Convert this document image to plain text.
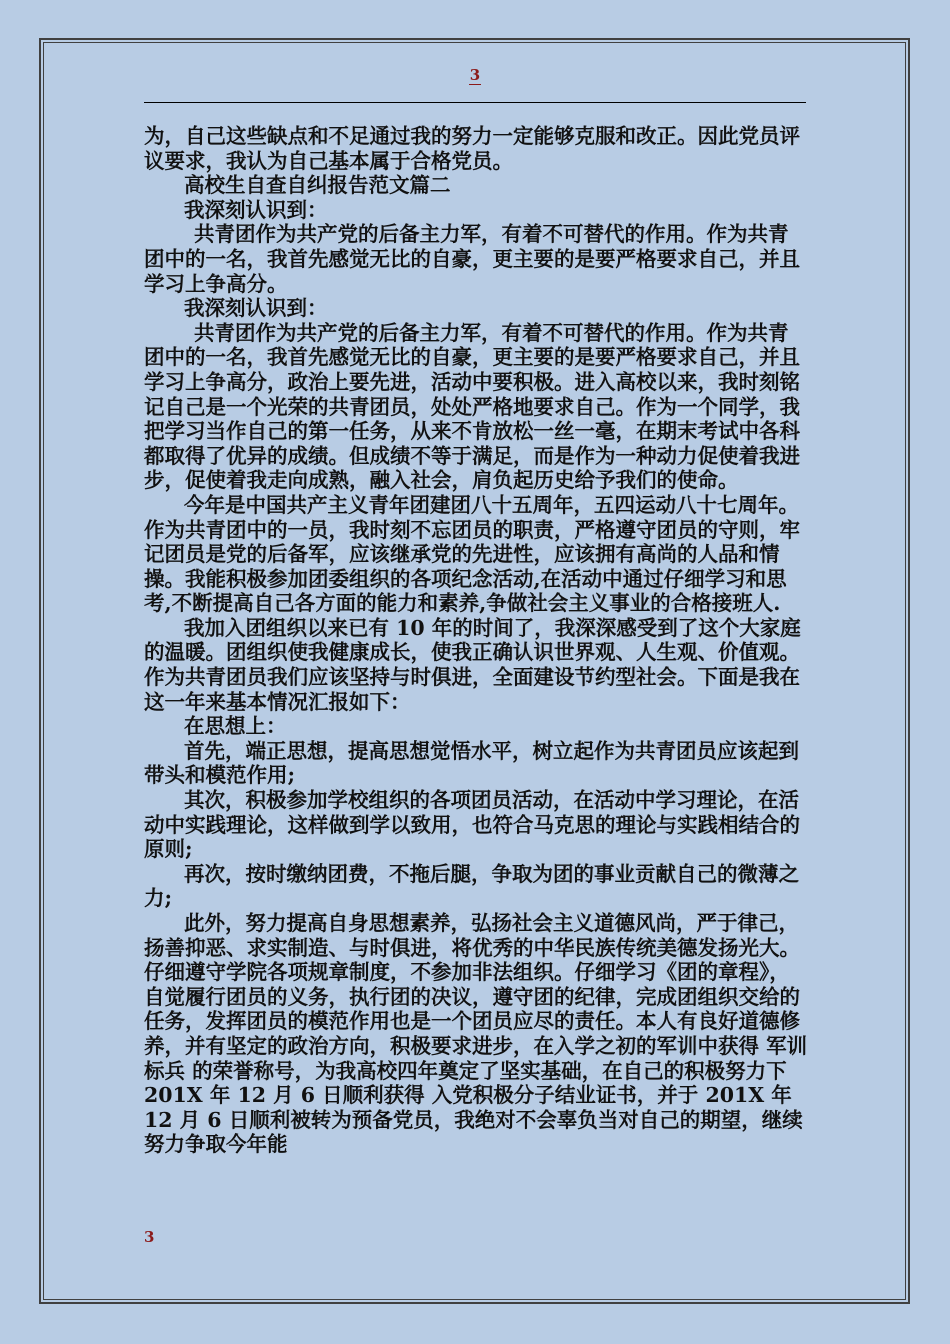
3

为，自己这些缺点和不足通过我的努力一定能够克服和改正。因此党员评议要求，我认为自己基本属于合格党员。

高校生自查自纠报告范文篇二

我深刻认识到：

共青团作为共产党的后备主力军，有着不可替代的作用。作为共青团中的一名，我首先感觉无比的自豪，更主要的是要严格要求自己，并且学习上争高分。

我深刻认识到：

共青团作为共产党的后备主力军，有着不可替代的作用。作为共青团中的一名，我首先感觉无比的自豪，更主要的是要严格要求自己，并且学习上争高分，政治上要先进，活动中要积极。进入高校以来，我时刻铭记自己是一个光荣的共青团员，处处严格地要求自己。作为一个同学，我把学习当作自己的第一任务，从来不肯放松一丝一毫，在期末考试中各科都取得了优异的成绩。但成绩不等于满足，而是作为一种动力促使着我进步，促使着我走向成熟，融入社会，肩负起历史给予我们的使命。

今年是中国共产主义青年团建团八十五周年，五四运动八十七周年。作为共青团中的一员，我时刻不忘团员的职责，严格遵守团员的守则，牢记团员是党的后备军，应该继承党的先进性，应该拥有高尚的人品和情操。我能积极参加团委组织的各项纪念活动,在活动中通过仔细学习和思考,不断提高自己各方面的能力和素养,争做社会主义事业的合格接班人.

我加入团组织以来已有 10 年的时间了，我深深感受到了这个大家庭的温暖。团组织使我健康成长，使我正确认识世界观、人生观、价值观。作为共青团员我们应该坚持与时俱进，全面建设节约型社会。下面是我在这一年来基本情况汇报如下：

在思想上：

首先，端正思想，提高思想觉悟水平，树立起作为共青团员应该起到带头和模范作用;

其次，积极参加学校组织的各项团员活动，在活动中学习理论，在活动中实践理论，这样做到学以致用，也符合马克思的理论与实践相结合的原则;

再次，按时缴纳团费，不拖后腿，争取为团的事业贡献自己的微薄之力;

此外，努力提高自身思想素养，弘扬社会主义道德风尚，严于律己，扬善抑恶、求实制造、与时俱进，将优秀的中华民族传统美德发扬光大。仔细遵守学院各项规章制度，不参加非法组织。仔细学习《团的章程》，自觉履行团员的义务，执行团的决议，遵守团的纪律，完成团组织交给的任务，发挥团员的模范作用也是一个团员应尽的责任。本人有良好道德修养，并有坚定的政治方向，积极要求进步，在入学之初的军训中获得 军训标兵 的荣誉称号，为我高校四年奠定了坚实基础，在自己的积极努力下 201X 年 12 月 6 日顺利获得 入党积极分子结业证书，并于 201X 年 12 月 6 日顺利被转为预备党员，我绝对不会辜负当对自己的期望，继续努力争取今年能

3
